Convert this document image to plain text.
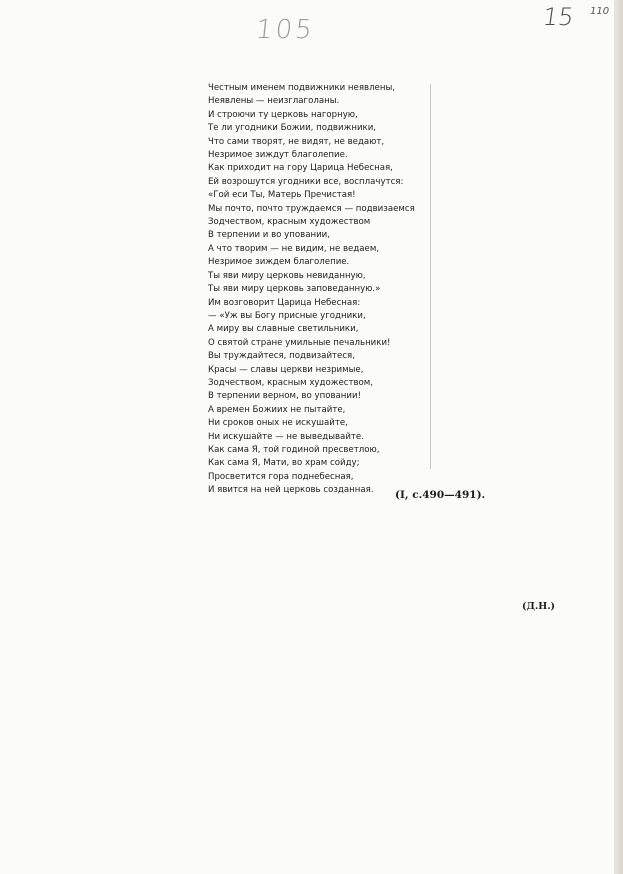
105	15 110
Честным именем подвижники неявлены,
Неявлены — неизглаголаны.
И строючи ту церковь нагорную,
Те ли угодники Божии, подвижники,
Что сами творят, не видят, не ведают,
Незримое зиждут благолепие.
Как приходит на гору Царица Небесная,
Ей возрошутся угодники все, восплачутся:
«Гой еси Ты, Матерь Пречистая!
Мы почто, почто труждаемся — подвизаемся
Зодчеством, красным художеством
В терпении и во уповании,
А что творим — не видим, не ведаем,
Незримое зиждем благолепие.
Ты яви миру церковь невиданную,
Ты яви миру церковь заповеданную.»
Им возговорит Царица Небесная:
— «Уж вы Богу присные угодники,
А миру вы славные светильники,
О святой стране умильные печальники!
Вы труждайтеся, подвизайтеся,
Красы — славы церкви незримые,
Зодчеством, красным художеством,
В терпении верном, во уповании!
А времен Божиих не пытайте,
Ни сроков оных не искушайте,
Ни искушайте — не выведывайте.
Как сама Я, той годиной пресветлою,
Как сама Я, Мати, во храм сойду;
Просветится гора поднебесная,
И явится на ней церковь созданная.	(I, с.490—491).
(Д.Н.)
